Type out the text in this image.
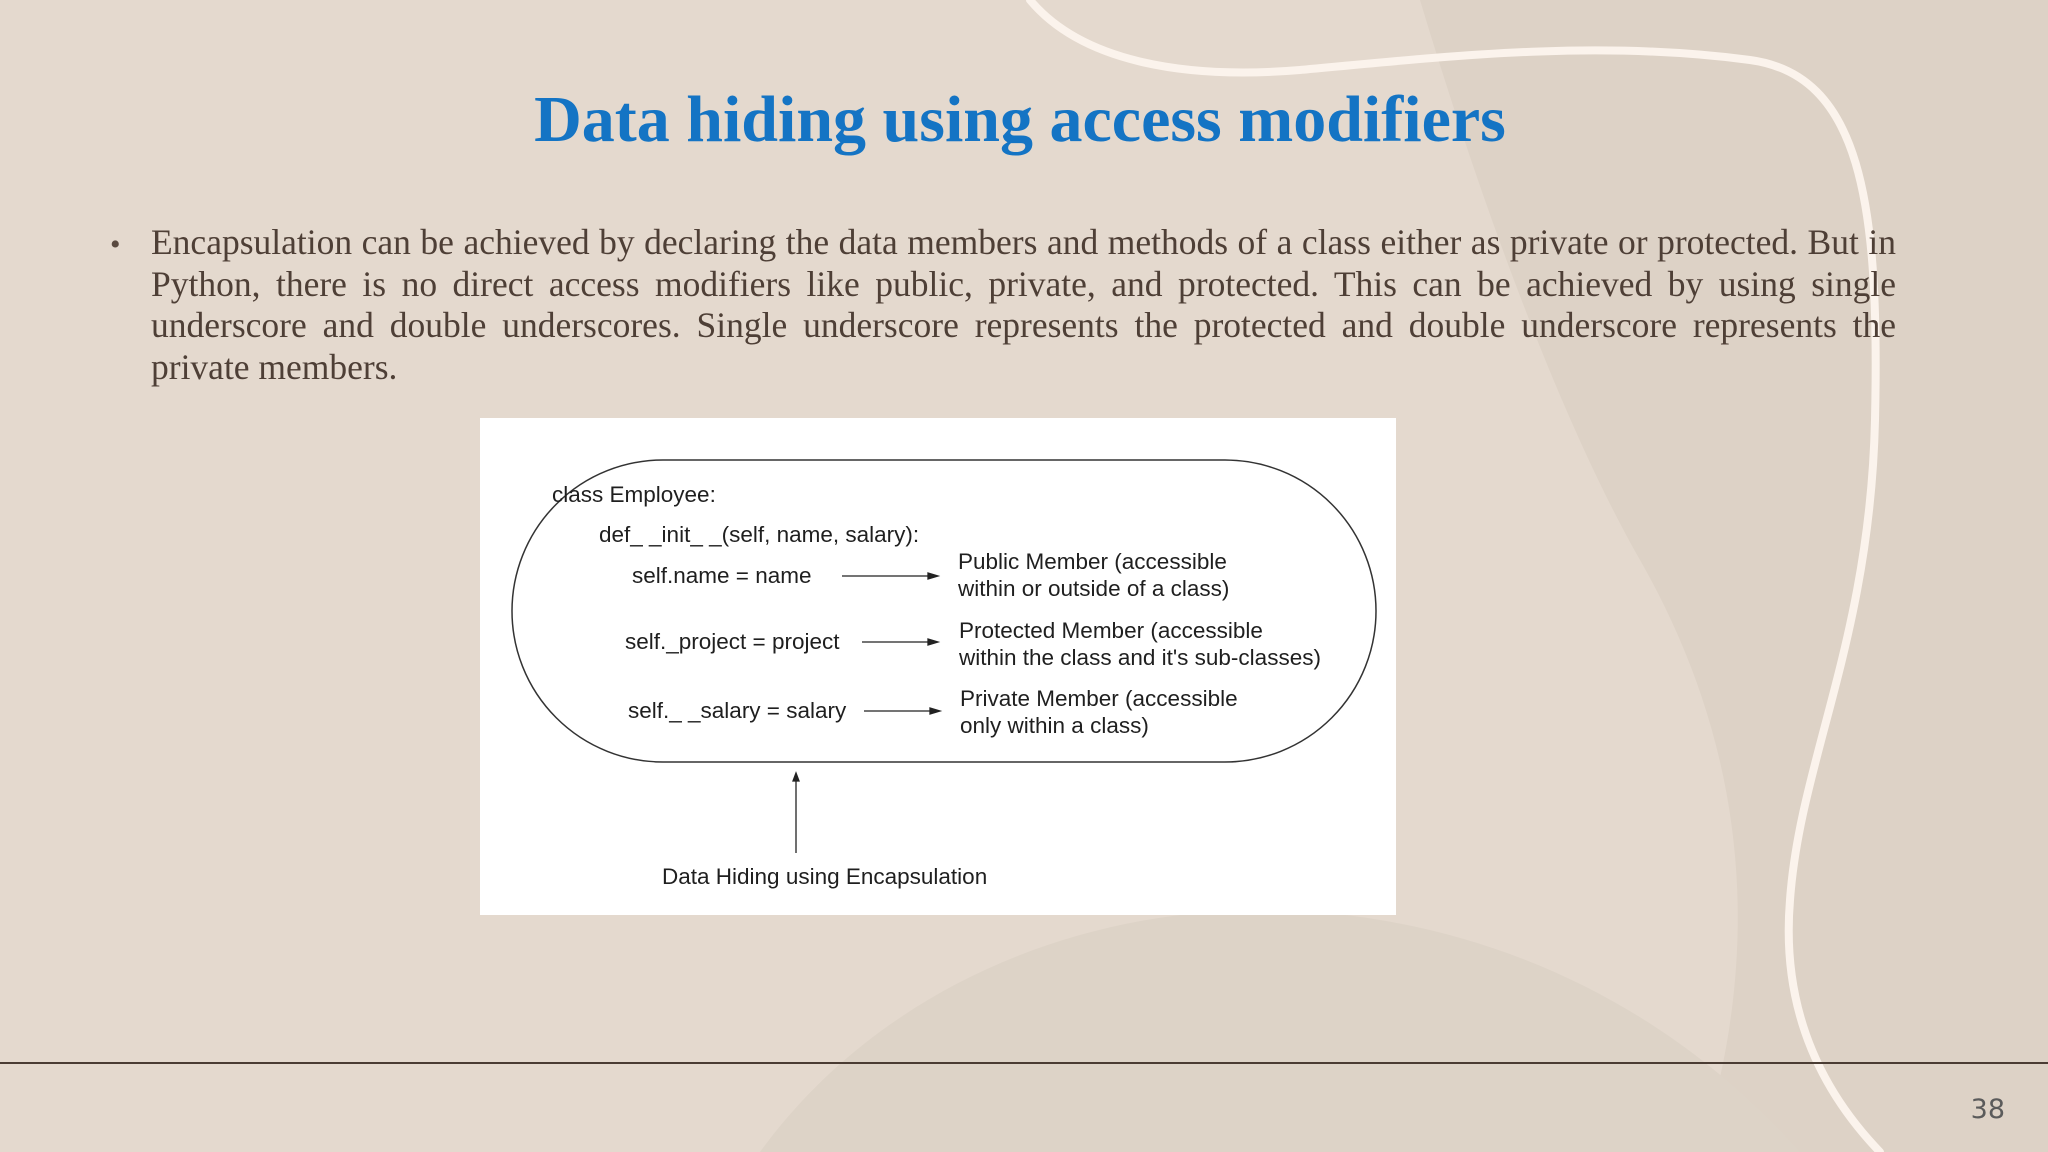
Data hiding using access modifiers
• Encapsulation can be achieved by declaring the data members and methods of a class either as private or protected. But in Python, there is no direct access modifiers like public, private, and protected. This can be achieved by using single underscore and double underscores. Single underscore represents the protected and double underscore represents the private members.

class Employee:

def_ _init_ _(self, name, salary):

self.name = name

Public Member (accessible

within or outside of a class)

self._project = project	Protected Member (accessible

within the class and it's sub-classes)

self._ _salary = salary	Private Member (accessible

only within a class)

Data Hiding using Encapsulation

38
